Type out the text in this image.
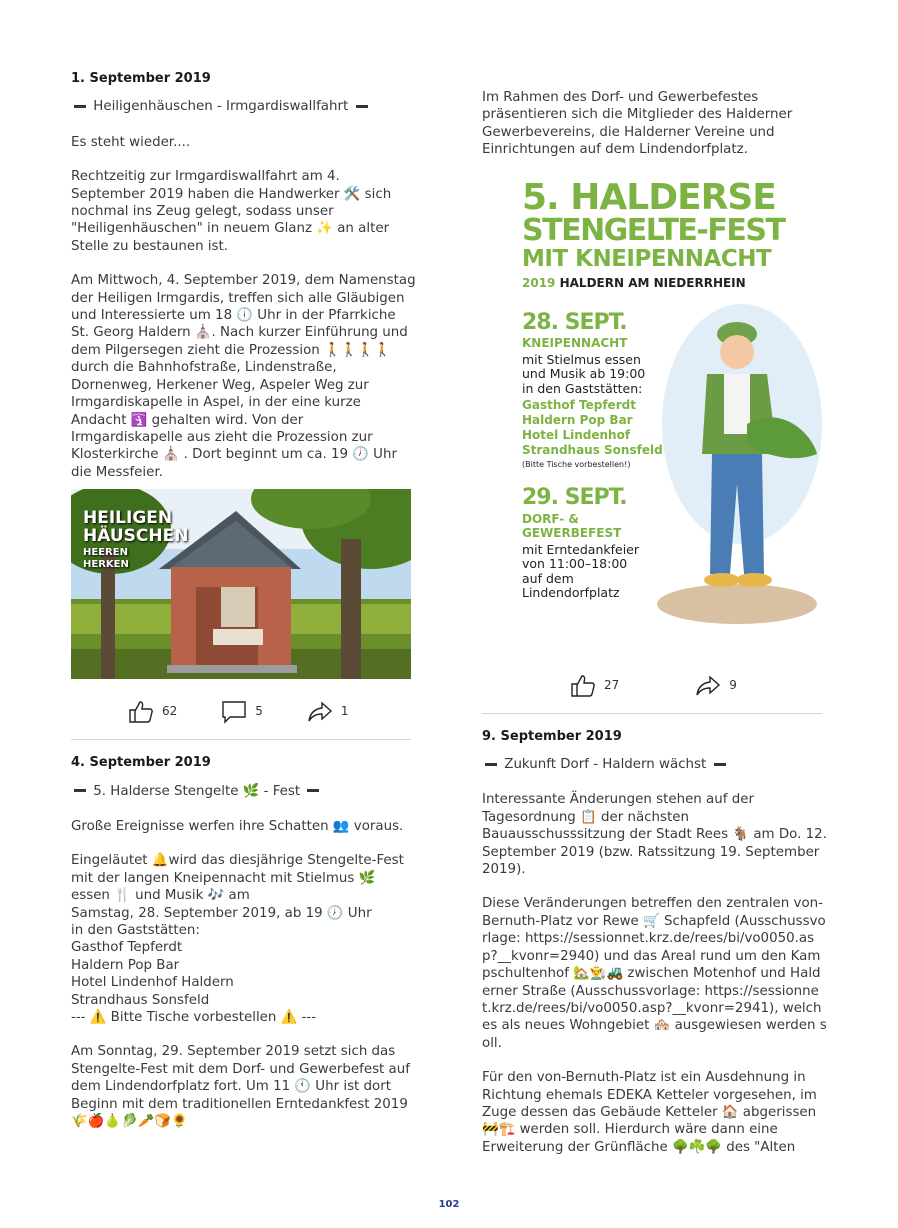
1. September 2019
Heiligenhäuschen - Irmgardiswallfahrt
Es steht wieder....
Rechtzeitig zur Irmgardiswallfahrt am 4. September 2019 haben die Handwerker 🛠️ sich nochmal ins Zeug gelegt, sodass unser "Heiligenhäuschen" in neuem Glanz ✨ an alter Stelle zu bestaunen ist.
Am Mittwoch, 4. September 2019, dem Namenstag der Heiligen Irmgardis, treffen sich alle Gläubigen und Interessierte um 18 🕕 Uhr in der Pfarrkiche St. Georg Haldern ⛪. Nach kurzer Einführung und dem Pilgersegen zieht die Prozession 🚶🚶🚶🚶 durch die Bahnhofstraße, Lindenstraße, Dornenweg, Herkener Weg, Aspeler Weg zur Irmgardiskapelle in Aspel, in der eine kurze Andacht 🛐 gehalten wird. Von der Irmgardiskapelle aus zieht die Prozession zur Klosterkirche ⛪ . Dort beginnt um ca. 19 🕖 Uhr die Messfeier.
HEILIGEN
HÄUSCHEN
HEEREN
HERKEN
62	5	1
4. September 2019
5. Halderse Stengelte 🌿 - Fest
Große Ereignisse werfen ihre Schatten 👥 voraus.
Eingeläutet 🔔wird das diesjährige Stengelte-Fest mit der langen Kneipennacht mit Stielmus 🌿 essen 🍴 und Musik 🎶 am
Samstag, 28. September 2019, ab 19 🕖 Uhr
in den Gaststätten:
Gasthof Tepferdt
Haldern Pop Bar
Hotel Lindenhof Haldern
Strandhaus Sonsfeld
--- ⚠️ Bitte Tische vorbestellen ⚠️ ---
Am Sonntag, 29. September 2019 setzt sich das Stengelte-Fest mit dem Dorf- und Gewerbefest auf dem Lindendorfplatz fort. Um 11 🕚 Uhr ist dort Beginn mit dem traditionellen Erntedankfest 2019 🌾🍎🍐🥬🥕🍞🌻
Im Rahmen des Dorf- und Gewerbefestes präsentieren sich die Mitglieder des Halderner Gewerbevereins, die Halderner Vereine und Einrichtungen auf dem Lindendorfplatz.
5. HALDERSE
STENGELTE-FEST
MIT KNEIPENNACHT
2019 HALDERN AM NIEDERRHEIN
28. SEPT.
KNEIPENNACHT
mit Stielmus essen
und Musik ab 19:00
in den Gaststätten:
Gasthof Tepferdt
Haldern Pop Bar
Hotel Lindenhof
Strandhaus Sonsfeld
(Bitte Tische vorbestellen!)
29. SEPT.
DORF- &
GEWERBEFEST
mit Erntedankfeier
von 11:00–18:00
auf dem
Lindendorfplatz
27	9
9. September 2019
Zukunft Dorf - Haldern wächst
Interessante Änderungen stehen auf der Tagesordnung 📋 der nächsten Bauausschusssitzung der Stadt Rees 🐐 am Do. 12. September 2019 (bzw. Ratssitzung 19. September 2019).
Diese Veränderungen betreffen den zentralen von-Bernuth-Platz vor Rewe 🛒 Schapfeld (Ausschussvorlage: https://sessionnet.krz.de/rees/bi/vo0050.asp?__kvonr=2940) und das Areal rund um den Kampschultenhof 🏡👨‍🌾🚜 zwischen Motenhof und Halderner Straße (Ausschussvorlage: https://sessionnet.krz.de/rees/bi/vo0050.asp?__kvonr=2941), welches als neues Wohngebiet 🏘️ ausgewiesen werden soll.
Für den von-Bernuth-Platz ist ein Ausdehnung in Richtung ehemals EDEKA Ketteler vorgesehen, im Zuge dessen das Gebäude Ketteler 🏠 abgerissen 🚧🏗️ werden soll. Hierdurch wäre dann eine Erweiterung der Grünfläche 🌳☘️🌳 des "Alten
102
